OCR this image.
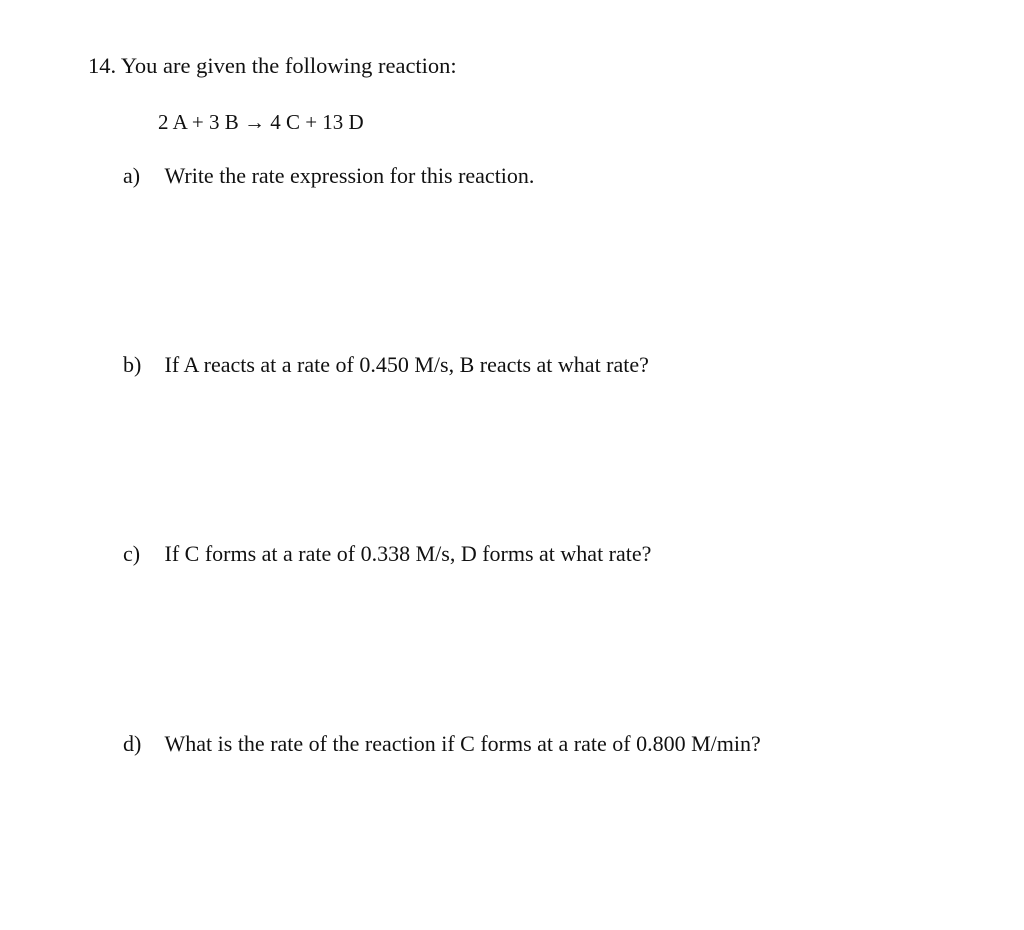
14. You are given the following reaction:
2 A + 3 B → 4 C + 13 D
a) Write the rate expression for this reaction.
b) If A reacts at a rate of 0.450 M/s, B reacts at what rate?
c) If C forms at a rate of 0.338 M/s, D forms at what rate?
d) What is the rate of the reaction if C forms at a rate of 0.800 M/min?
